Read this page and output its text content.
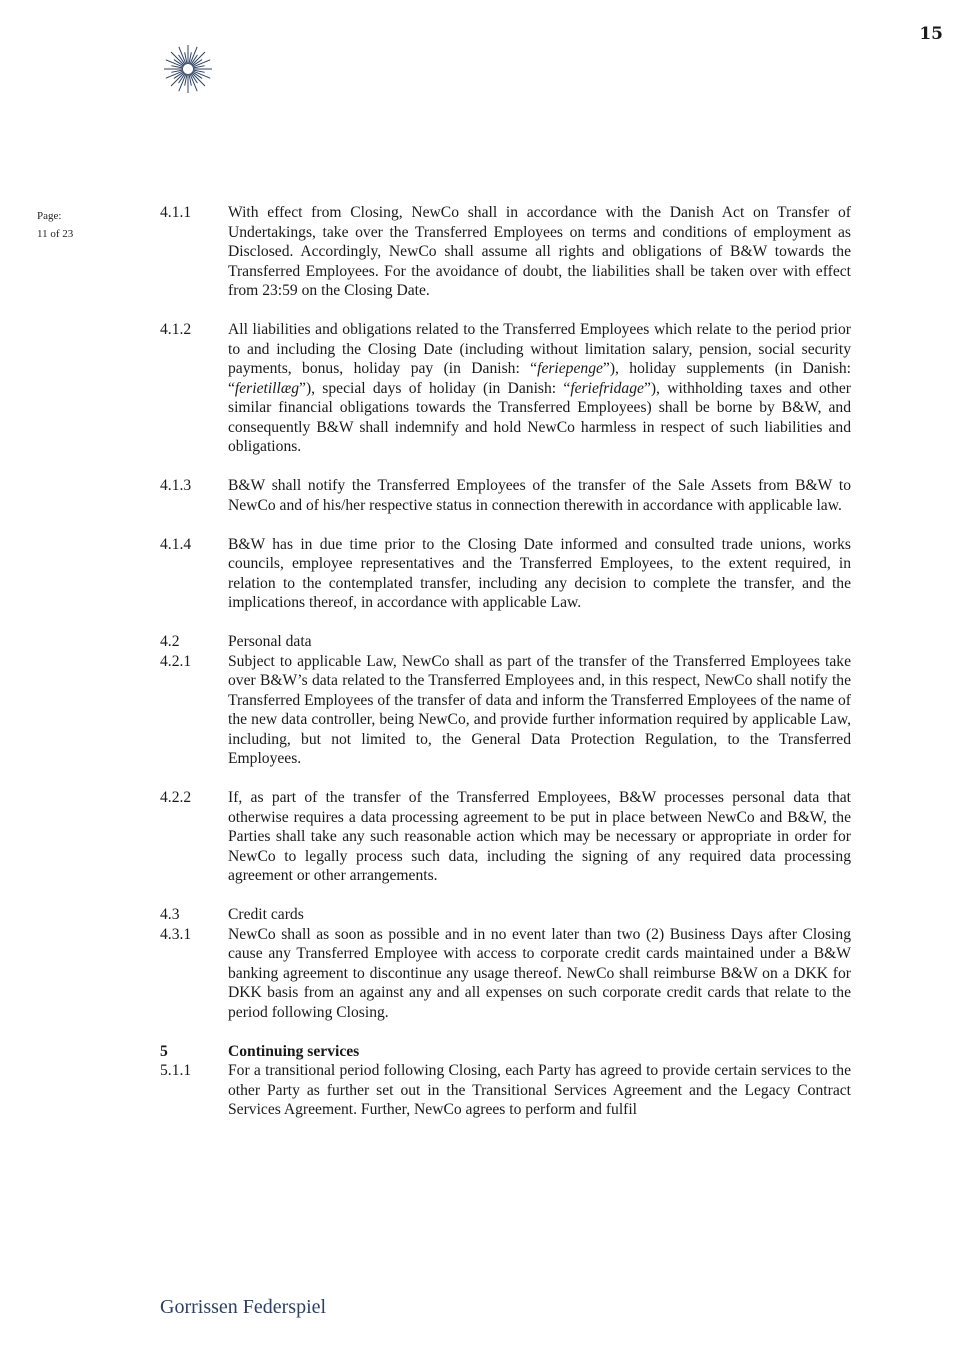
15
Page:
11 of 23
4.1.1	With effect from Closing, NewCo shall in accordance with the Danish Act on Transfer of Undertakings, take over the Transferred Employees on terms and conditions of employment as Disclosed. Accordingly, NewCo shall assume all rights and obligations of B&W towards the Transferred Employees. For the avoidance of doubt, the liabilities shall be taken over with effect from 23:59 on the Closing Date.
4.1.2	All liabilities and obligations related to the Transferred Employees which relate to the period prior to and including the Closing Date (including without limitation salary, pension, social security payments, bonus, holiday pay (in Danish: “feriepenge”), holiday supplements (in Danish: “ferietillæg”), special days of holiday (in Danish: “feriefridage”), withholding taxes and other similar financial obligations towards the Transferred Employees) shall be borne by B&W, and consequently B&W shall indemnify and hold NewCo harmless in respect of such liabilities and obligations.
4.1.3	B&W shall notify the Transferred Employees of the transfer of the Sale Assets from B&W to NewCo and of his/her respective status in connection therewith in accordance with applicable law.
4.1.4	B&W has in due time prior to the Closing Date informed and consulted trade unions, works councils, employee representatives and the Transferred Employees, to the extent required, in relation to the contemplated transfer, including any decision to complete the transfer, and the implications thereof, in accordance with applicable Law.
4.2	Personal data
4.2.1	Subject to applicable Law, NewCo shall as part of the transfer of the Transferred Employees take over B&W’s data related to the Transferred Employees and, in this respect, NewCo shall notify the Transferred Employees of the transfer of data and inform the Transferred Employees of the name of the new data controller, being NewCo, and provide further information required by applicable Law, including, but not limited to, the General Data Protection Regulation, to the Transferred Employees.
4.2.2	If, as part of the transfer of the Transferred Employees, B&W processes personal data that otherwise requires a data processing agreement to be put in place between NewCo and B&W, the Parties shall take any such reasonable action which may be necessary or appropriate in order for NewCo to legally process such data, including the signing of any required data processing agreement or other arrangements.
4.3	Credit cards
4.3.1	NewCo shall as soon as possible and in no event later than two (2) Business Days after Closing cause any Transferred Employee with access to corporate credit cards maintained under a B&W banking agreement to discontinue any usage thereof. NewCo shall reimburse B&W on a DKK for DKK basis from an against any and all expenses on such corporate credit cards that relate to the period following Closing.
5	Continuing services
5.1.1	For a transitional period following Closing, each Party has agreed to provide certain services to the other Party as further set out in the Transitional Services Agreement and the Legacy Contract Services Agreement. Further, NewCo agrees to perform and fulfil
Gorrissen Federspiel
